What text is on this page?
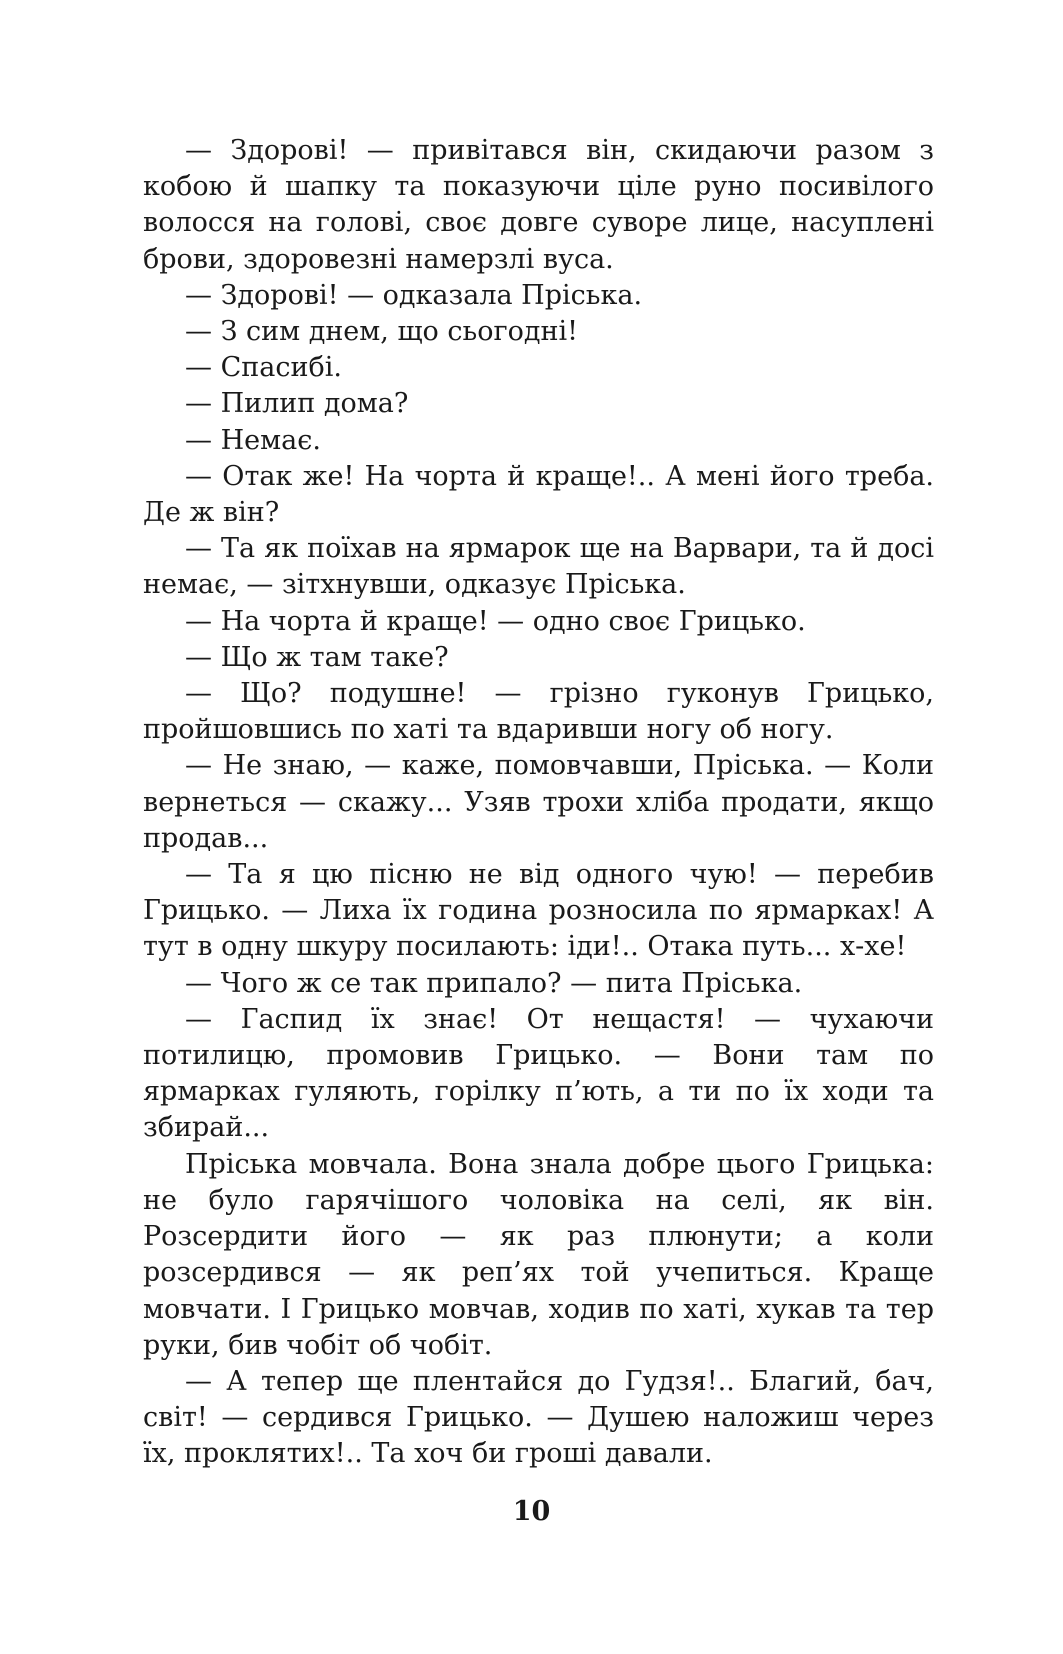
— Здорові! — привітався він, скидаючи разом з кобою й шапку та показуючи ціле руно посивілого волосся на голові, своє довге суворе лице, насуплені брови, здоровезні намерзлі вуса.

— Здорові! — одказала Пріська.

— З сим днем, що сьогодні!

— Спасибі.

— Пилип дома?

— Немає.

— Отак же! На чорта й краще!.. А мені його треба. Де ж він?

— Та як поїхав на ярмарок ще на Варвари, та й досі немає, — зітхнувши, одказує Пріська.

— На чорта й краще! — одно своє Грицько.

— Що ж там таке?

— Що? подушне! — грізно гуконув Грицько, пройшовшись по хаті та вдаривши ногу об ногу.

— Не знаю, — каже, помовчавши, Пріська. — Коли вернеться — скажу... Узяв трохи хліба продати, якщо продав...

— Та я цю пісню не від одного чую! — перебив Грицько. — Лиха їх година розносила по ярмарках! А тут в одну шкуру посилають: іди!.. Отака путь... х-хе!

— Чого ж се так припало? — пита Пріська.

— Гаспид їх знає! От нещастя! — чухаючи потилицю, промовив Грицько. — Вони там по ярмарках гуляють, горілку п’ють, а ти по їх ходи та збирай...

Пріська мовчала. Вона знала добре цього Грицька: не було гарячішого чоловіка на селі, як він. Розсердити його — як раз плюнути; а коли розсердився — як реп’ях той учепиться. Краще мовчати. І Грицько мовчав, ходив по хаті, хукав та тер руки, бив чобіт об чобіт.

— А тепер ще плентайся до Гудзя!.. Благий, бач, світ! — сердився Грицько. — Душею наложиш через їх, проклятих!.. Та хоч би гроші давали.

10
